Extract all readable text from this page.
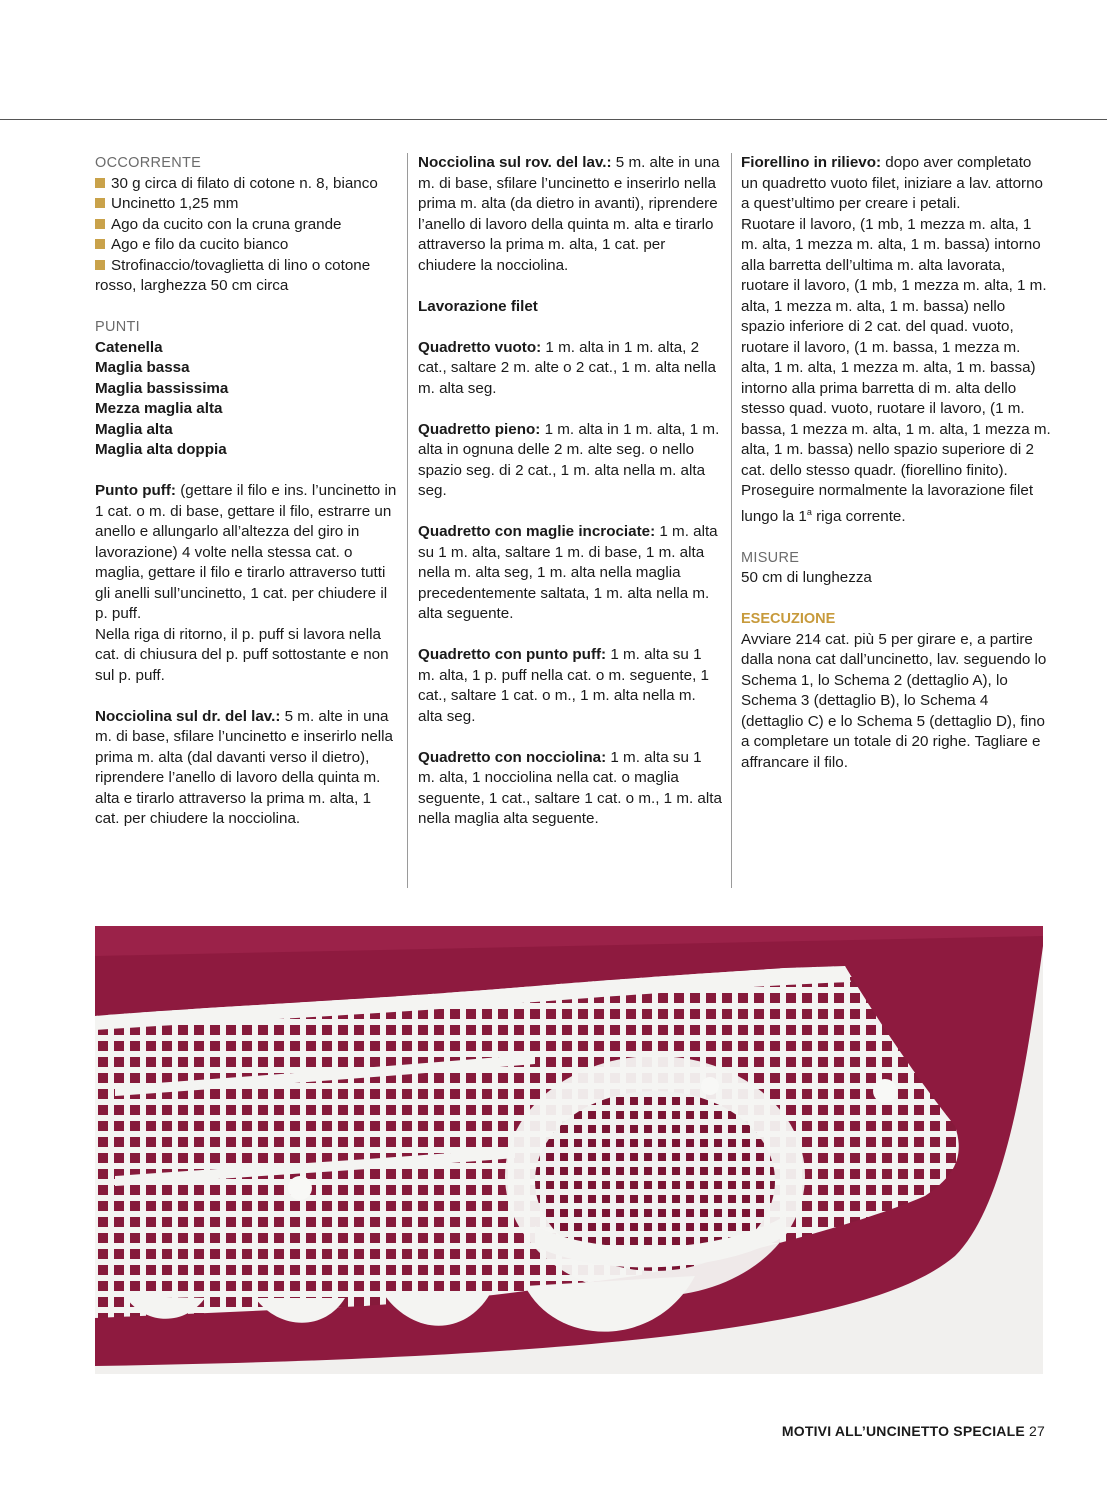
OCCORRENTE

30 g circa di filato di cotone n. 8, bianco

Uncinetto 1,25 mm

Ago da cucito con la cruna grande

Ago e filo da cucito bianco

Strofinaccio/tovaglietta di lino o cotone rosso, larghezza 50 cm circa

PUNTI

Catenella

Maglia bassa

Maglia bassissima

Mezza maglia alta

Maglia alta

Maglia alta doppia

Punto puff: (gettare il filo e ins. l’uncinetto in 1 cat. o m. di base, gettare il filo, estrarre un anello e allungarlo all’altezza del giro in lavorazione) 4 volte nella stessa cat. o maglia, gettare il filo e tirarlo attraverso tutti gli anelli sull’uncinetto, 1 cat. per chiudere il p. puff.

Nella riga di ritorno, il p. puff si lavora nella cat. di chiusura del p. puff sottostante e non sul p. puff.

Nocciolina sul dr. del lav.: 5 m. alte in una m. di base, sfilare l’uncinetto e inserirlo nella prima m. alta (dal davanti verso il dietro), riprendere l’anello di lavoro della quinta m. alta e tirarlo attraverso la prima m. alta, 1 cat. per chiudere la nocciolina.

Nocciolina sul rov. del lav.: 5 m. alte in una m. di base, sfilare l’uncinetto e inserirlo nella prima m. alta (da dietro in avanti), riprendere l’anello di lavoro della quinta m. alta e tirarlo attraverso la prima m. alta, 1 cat. per chiudere la nocciolina.

Lavorazione filet

Quadretto vuoto: 1 m. alta in 1 m. alta, 2 cat., saltare 2 m. alte o 2 cat., 1 m. alta nella m. alta seg.

Quadretto pieno: 1 m. alta in 1 m. alta, 1 m. alta in ognuna delle 2 m. alte seg. o nello spazio seg. di 2 cat., 1 m. alta nella m. alta seg.

Quadretto con maglie incrociate: 1 m. alta su 1 m. alta, saltare 1 m. di base, 1 m. alta nella m. alta seg, 1 m. alta nella maglia precedentemente saltata, 1 m. alta nella m. alta seguente.

Quadretto con punto puff: 1 m. alta su 1 m. alta, 1 p. puff nella cat. o m. seguente, 1 cat., saltare 1 cat. o m., 1 m. alta nella m. alta seg.

Quadretto con nocciolina: 1 m. alta su 1 m. alta, 1 nocciolina nella cat. o maglia seguente, 1 cat., saltare 1 cat. o m., 1 m. alta nella maglia alta seguente.

Fiorellino in rilievo: dopo aver completato un quadretto vuoto filet, iniziare a lav. attorno a quest’ultimo per creare i petali.

Ruotare il lavoro, (1 mb, 1 mezza m. alta, 1 m. alta, 1 mezza m. alta, 1 m. bassa) intorno alla barretta dell’ultima m. alta lavorata, ruotare il lavoro, (1 mb, 1 mezza m. alta, 1 m. alta, 1 mezza m. alta, 1 m. bassa) nello spazio inferiore di 2 cat. del quad. vuoto, ruotare il lavoro, (1 m. bassa, 1 mezza m. alta, 1 m. alta, 1 mezza m. alta, 1 m. bassa) intorno alla prima barretta di m. alta dello stesso quad. vuoto, ruotare il lavoro, (1 m. bassa, 1 mezza m. alta, 1 m. alta, 1 mezza m. alta, 1 m. bassa) nello spazio superiore di 2 cat. dello stesso quadr. (fiorellino finito).

Proseguire normalmente la lavorazione filet lungo la 1$^a$ riga corrente.

MISURE

50 cm di lunghezza

ESECUZIONE

Avviare 214 cat. più 5 per girare e, a partire dalla nona cat dall’uncinetto, lav. seguendo lo Schema 1, lo Schema 2 (dettaglio A), lo Schema 3 (dettaglio B), lo Schema 4 (dettaglio C) e lo Schema 5 (dettaglio D), fino a completare un totale di 20 righe. Tagliare e affrancare il filo.

MOTIVI ALL’UNCINETTO SPECIALE 27
